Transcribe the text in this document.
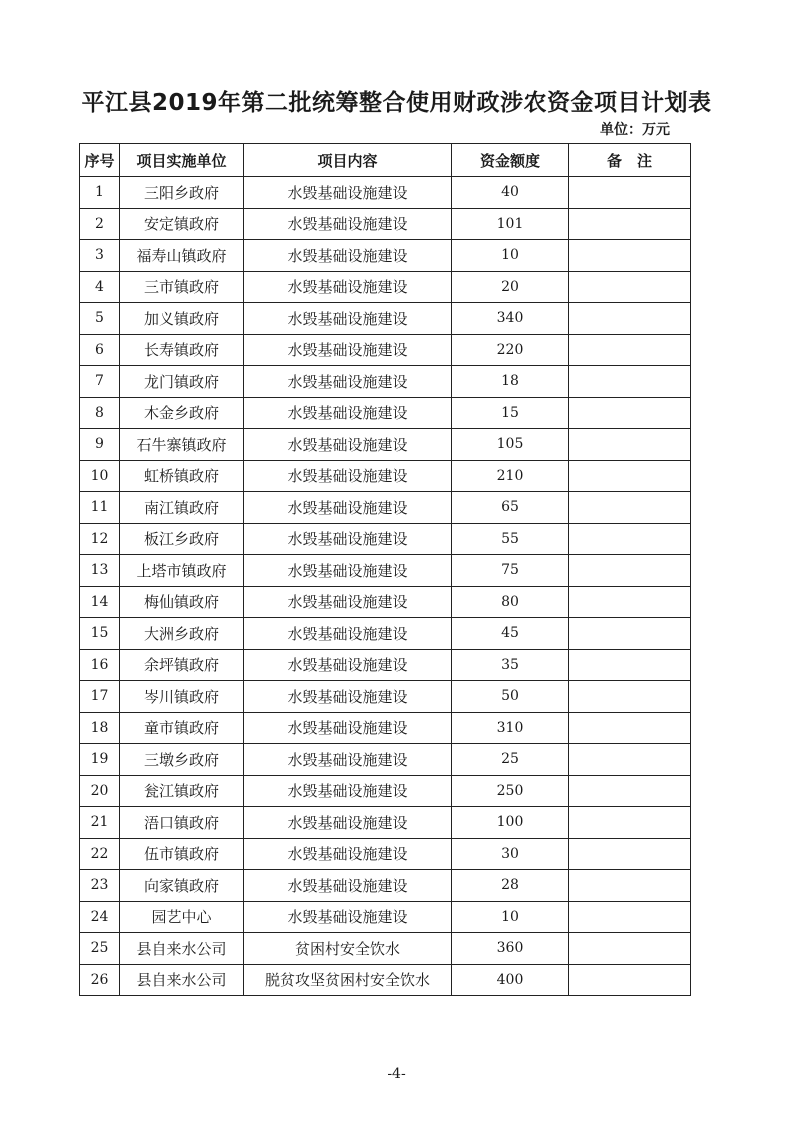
平江县2019年第二批统筹整合使用财政涉农资金项目计划表
单位：万元
序号	项目实施单位	项目内容	资金额度	备　注
1	三阳乡政府	水毁基础设施建设	40	
2	安定镇政府	水毁基础设施建设	101	
3	福寿山镇政府	水毁基础设施建设	10	
4	三市镇政府	水毁基础设施建设	20	
5	加义镇政府	水毁基础设施建设	340	
6	长寿镇政府	水毁基础设施建设	220	
7	龙门镇政府	水毁基础设施建设	18	
8	木金乡政府	水毁基础设施建设	15	
9	石牛寨镇政府	水毁基础设施建设	105	
10	虹桥镇政府	水毁基础设施建设	210	
11	南江镇政府	水毁基础设施建设	65	
12	板江乡政府	水毁基础设施建设	55	
13	上塔市镇政府	水毁基础设施建设	75	
14	梅仙镇政府	水毁基础设施建设	80	
15	大洲乡政府	水毁基础设施建设	45	
16	余坪镇政府	水毁基础设施建设	35	
17	岑川镇政府	水毁基础设施建设	50	
18	童市镇政府	水毁基础设施建设	310	
19	三墩乡政府	水毁基础设施建设	25	
20	瓮江镇政府	水毁基础设施建设	250	
21	浯口镇政府	水毁基础设施建设	100	
22	伍市镇政府	水毁基础设施建设	30	
23	向家镇政府	水毁基础设施建设	28	
24	园艺中心	水毁基础设施建设	10	
25	县自来水公司	贫困村安全饮水	360	
26	县自来水公司	脱贫攻坚贫困村安全饮水	400	
-4-
